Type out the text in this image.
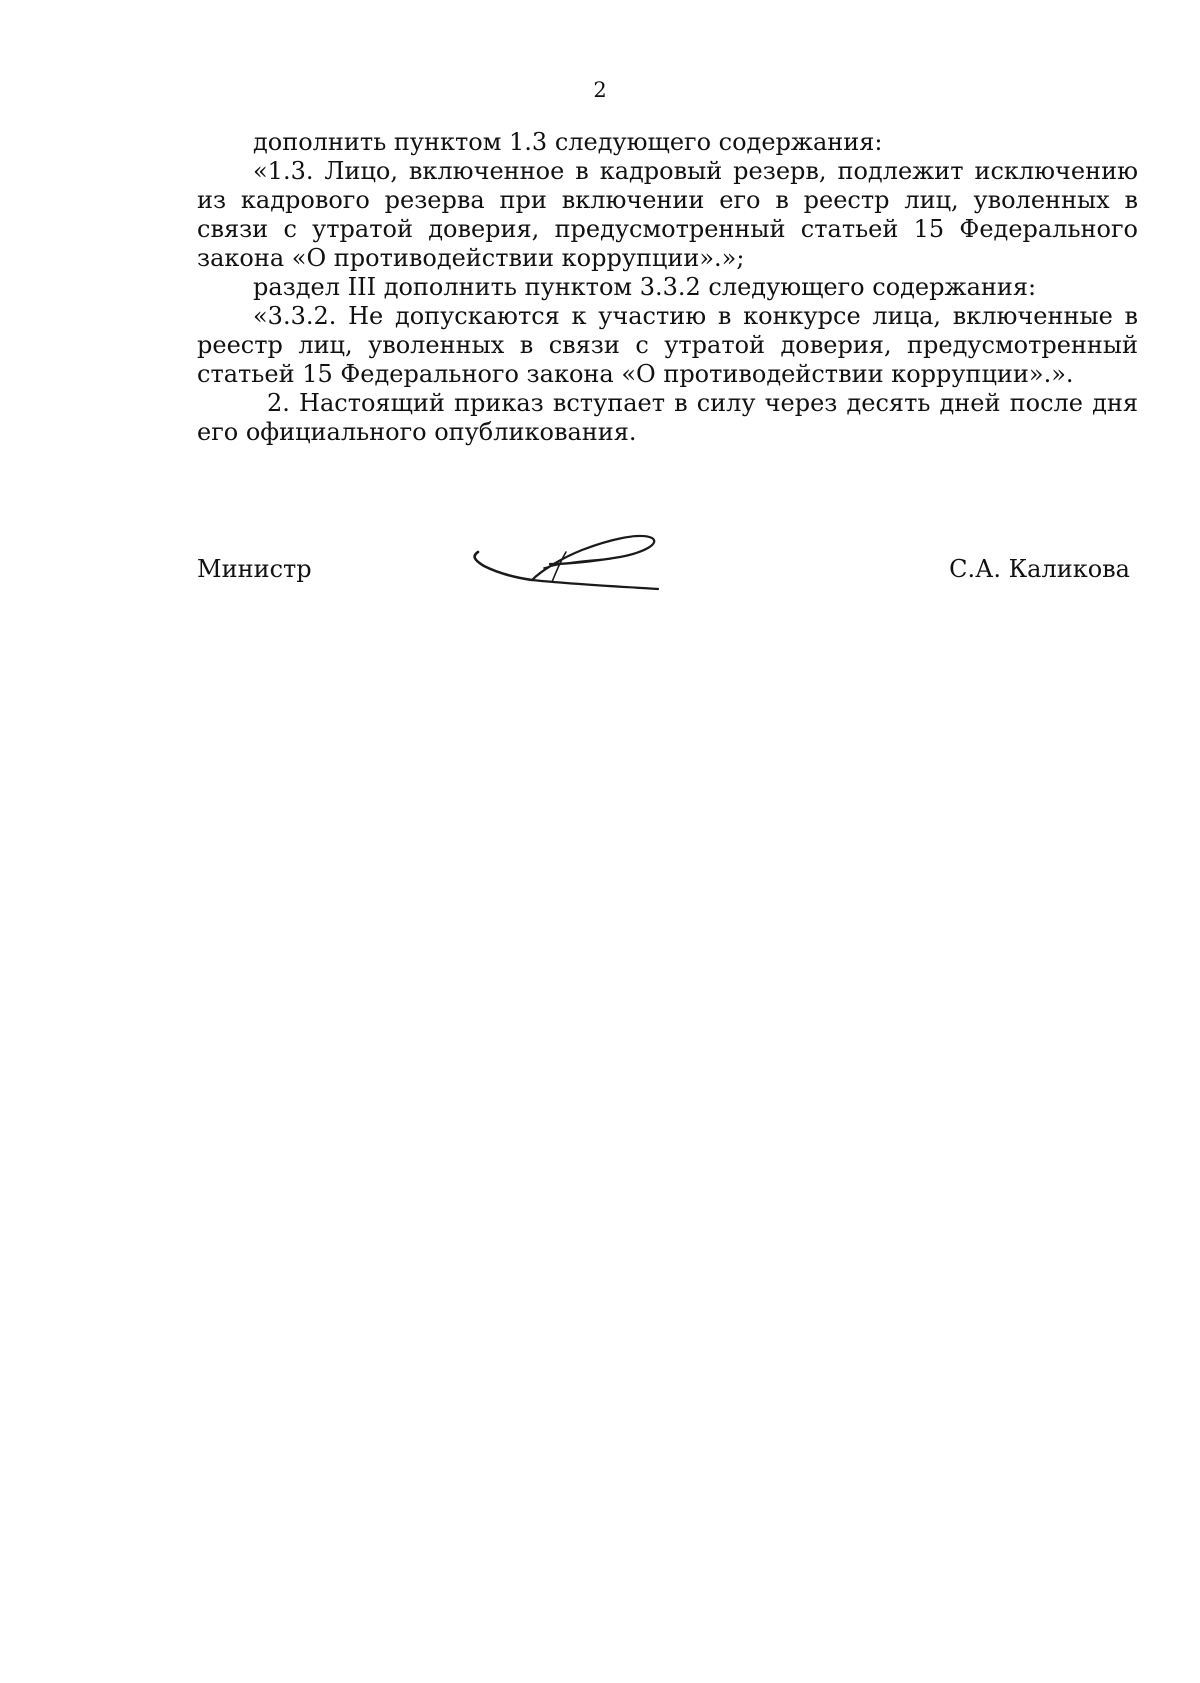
2

дополнить пунктом 1.3 следующего содержания:

«1.3. Лицо, включенное в кадровый резерв, подлежит исключению из кадрового резерва при включении его в реестр лиц, уволенных в связи с утратой доверия, предусмотренный статьей 15 Федерального закона «О противодействии коррупции».»;

раздел III дополнить пунктом 3.3.2 следующего содержания:

«3.3.2. Не допускаются к участию в конкурсе лица, включенные в реестр лиц, уволенных в связи с утратой доверия, предусмотренный статьей 15 Федерального закона «О противодействии коррупции».».

2. Настоящий приказ вступает в силу через десять дней после дня его официального опубликования.

Министр	С.А. Каликова
